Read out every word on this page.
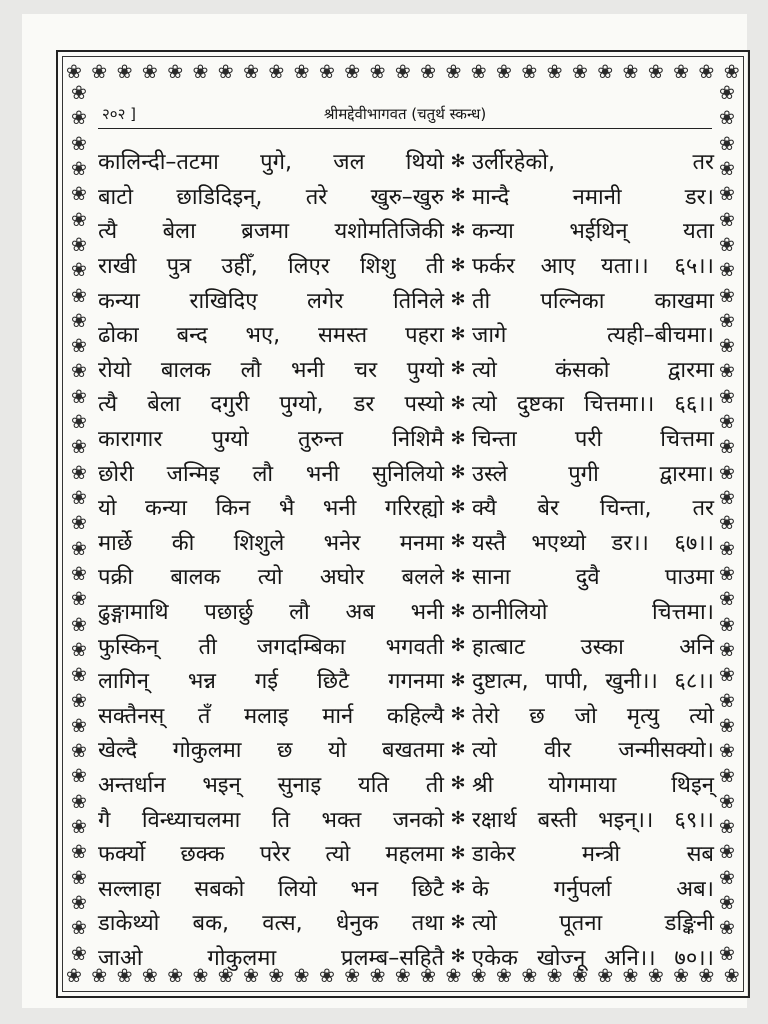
❀ ❀ ❀ ❀ ❀ ❀ ❀ ❀ ❀ ❀ ❀ ❀ ❀ ❀ ❀ ❀ ❀ ❀ ❀ ❀ ❀ ❀ ❀ ❀ ❀ ❀ ❀
❀ ❀ ❀ ❀ ❀ ❀ ❀ ❀ ❀ ❀ ❀ ❀ ❀ ❀ ❀ ❀ ❀ ❀ ❀ ❀ ❀ ❀ ❀ ❀ ❀ ❀ ❀
❀
❀
❀
❀
❀
❀
❀
❀
❀
❀
❀
❀
❀
❀
❀
❀
❀
❀
❀
❀
❀
❀
❀
❀
❀
❀
❀
❀
❀
❀
❀
❀
❀
❀
❀
❀
❀
❀
❀
❀
❀
❀
❀
❀
❀
❀
❀
❀
❀
❀
❀
❀
❀
❀
❀
❀
❀
❀
❀
❀
❀
❀
❀
❀
❀
❀
❀
❀
❀
❀
२०२ ]	श्रीमद्देवीभागवत (चतुर्थ स्कन्ध)
कालिन्दी–तटमा पुगे, जल थियो ✻ उर्लीरहेको,	तर
बाटो छाडिदिइन्, तरे खुरु–खुरु ✻ मान्दै	नमानी	डर।
त्यै बेला ब्रजमा यशोमतिजिकी ✻ कन्या	भईथिन्	यता
राखी पुत्र उहीँ, लिएर शिशु ती ✻ फर्कर आए यता।। ६५।।
कन्या राखिदिए लगेर तिनिले ✻ ती पल्निका काखमा
ढोका बन्द भए, समस्त पहरा ✻ जागे	त्यही–बीचमा।
रोयो बालक लौ भनी चर पुग्यो ✻ त्यो	कंसको	द्वारमा
त्यै बेला दगुरी पुग्यो, डर पस्यो ✻ त्यो दुष्टका चित्तमा।। ६६।।
कारागार पुग्यो तुरुन्त निशिमै ✻ चिन्ता	परी	चित्तमा
छोरी जन्मिइ लौ भनी सुनिलियो ✻ उस्ले	पुगी	द्वारमा।
यो कन्या किन भै भनी गरिरह्यो ✻ क्यै बेर चिन्ता, तर
मार्छे की शिशुले भनेर मनमा ✻ यस्तै भएथ्यो डर।। ६७।।
पक्री बालक त्यो अघोर बलले ✻ साना	दुवै	पाउमा
ढुङ्गामाथि पछार्छु लौ अब भनी ✻ ठानीलियो	चित्तमा।
फुस्किन् ती जगदम्बिका भगवती ✻ हात्बाट	उस्का	अनि
लागिन् भन्न गई छिटै गगनमा ✻ दुष्टात्म, पापी, खुनी।। ६८।।
सक्तैनस् तँ मलाइ मार्न कहिल्यै ✻ तेरो छ जो मृत्यु त्यो
खेल्दै गोकुलमा छ यो बखतमा ✻ त्यो वीर जन्मीसक्यो।
अन्तर्धान भइन् सुनाइ यति ती ✻ श्री योगमाया थिइन्
गै विन्ध्याचलमा ति भक्त जनको ✻ रक्षार्थ बस्ती भइन्।। ६९।।
फर्क्यो छक्क परेर त्यो महलमा ✻ डाकेर	मन्त्री	सब
सल्लाहा सबको लियो भन छिटै ✻ के	गर्नुपर्ला	अब।
डाकेथ्यो बक, वत्स, धेनुक तथा ✻ त्यो	पूतना	डङ्किनी
जाओ	गोकुलमा	प्रलम्ब–सहितै ✻ एकेक खोज्नू अनि।। ७०।।
